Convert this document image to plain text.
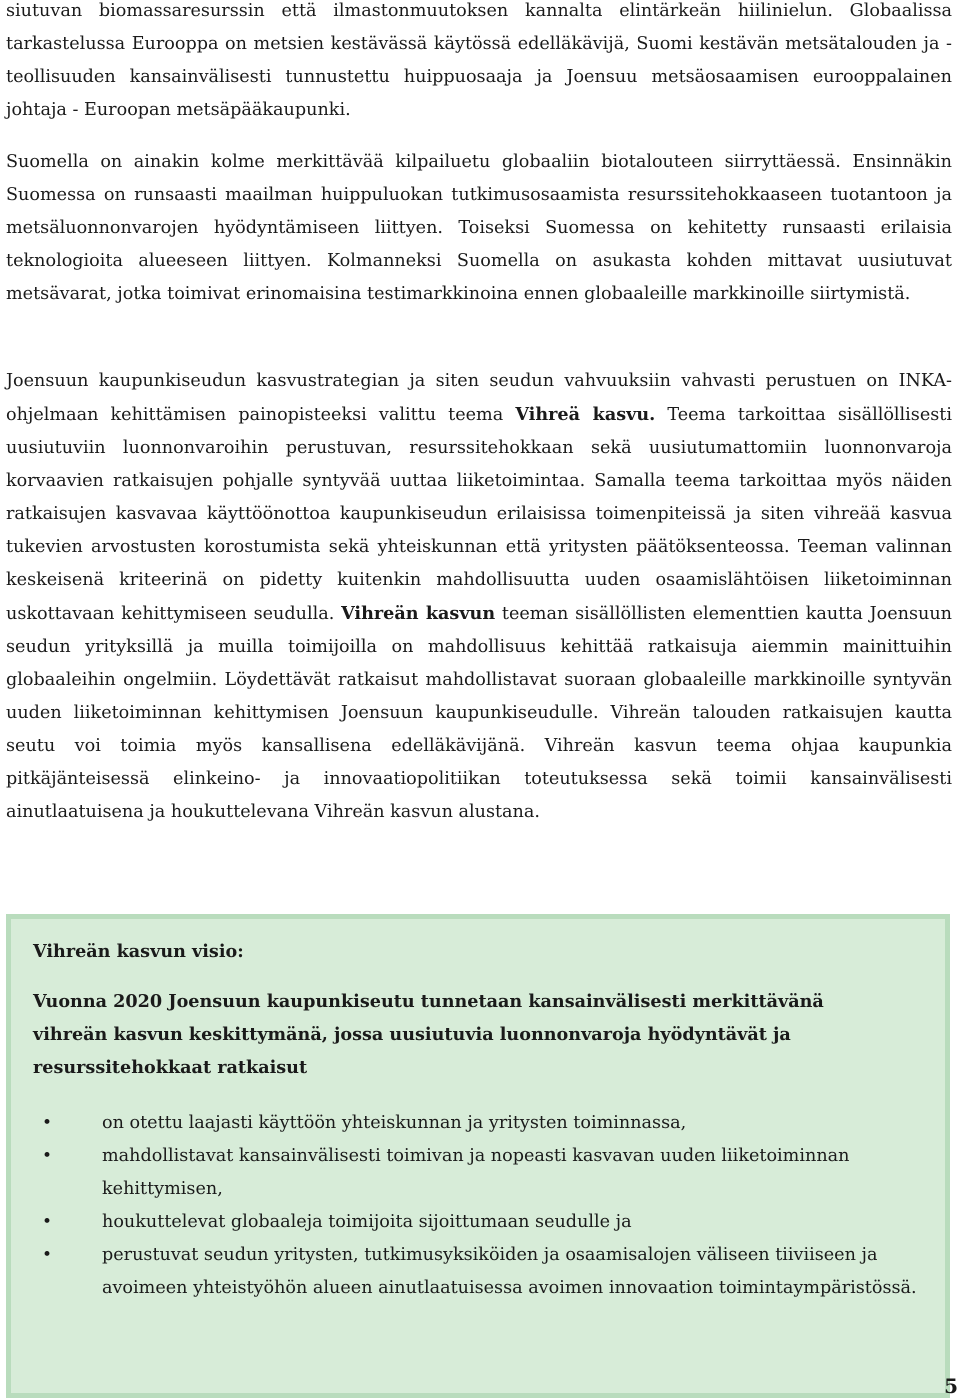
siutuvan biomassaresurssin että ilmastonmuutoksen kannalta elintärkeän hiilinielun. Globaalissa tarkastelussa Eurooppa on metsien kestävässä käytössä edelläkävijä, Suomi kestävän metsätalouden ja -teollisuuden kansainvälisesti tunnustettu huippuosaaja ja Joensuu metsäosaamisen eurooppalainen johtaja - Euroopan metsäpääkaupunki.

Suomella on ainakin kolme merkittävää kilpailuetu globaaliin biotalouteen siirryttäessä. Ensinnäkin Suomessa on runsaasti maailman huippuluokan tutkimusosaamista resurssitehokkaaseen tuotantoon ja metsäluonnonvarojen hyödyntämiseen liittyen. Toiseksi Suomessa on kehitetty runsaasti erilaisia teknologioita alueeseen liittyen. Kolmanneksi Suomella on asukasta kohden mittavat uusiutuvat metsävarat, jotka toimivat erinomaisina testimarkkinoina ennen globaaleille markkinoille siirtymistä.

Joensuun kaupunkiseudun kasvustrategian ja siten seudun vahvuuksiin vahvasti perustuen on INKA-ohjelmaan kehittämisen painopisteeksi valittu teema Vihreä kasvu. Teema tarkoittaa sisällöllisesti uusiutuviin luonnonvaroihin perustuvan, resurssitehokkaan sekä uusiutumattomiin luonnonvaroja korvaavien ratkaisujen pohjalle syntyvää uuttaa liiketoimintaa. Samalla teema tarkoittaa myös näiden ratkaisujen kasvavaa käyttöönottoa kaupunkiseudun erilaisissa toimenpiteissä ja siten vihreää kasvua tukevien arvostusten korostumista sekä yhteiskunnan että yritysten päätöksenteossa. Teeman valinnan keskeisenä kriteerinä on pidetty kuitenkin mahdollisuutta uuden osaamislähtöisen liiketoiminnan uskottavaan kehittymiseen seudulla. Vihreän kasvun teeman sisällöllisten elementtien kautta Joensuun seudun yrityksillä ja muilla toimijoilla on mahdollisuus kehittää ratkaisuja aiemmin mainittuihin globaaleihin ongelmiin. Löydettävät ratkaisut mahdollistavat suoraan globaaleille markkinoille syntyvän uuden liiketoiminnan kehittymisen Joensuun kaupunkiseudulle. Vihreän talouden ratkaisujen kautta seutu voi toimia myös kansallisena edelläkävijänä. Vihreän kasvun teema ohjaa kaupunkia pitkäjänteisessä elinkeino- ja innovaatiopolitiikan toteutuksessa sekä toimii kansainvälisesti ainutlaatuisena ja houkuttelevana Vihreän kasvun alustana.

Vihreän kasvun visio:

Vuonna 2020 Joensuun kaupunkiseutu tunnetaan kansainvälisesti merkittävänä vihreän kasvun keskittymänä, jossa uusiutuvia luonnonvaroja hyödyntävät ja resurssitehokkaat ratkaisut

•	on otettu laajasti käyttöön yhteiskunnan ja yritysten toiminnassa,
•	mahdollistavat kansainvälisesti toimivan ja nopeasti kasvavan uuden liiketoiminnan kehittymisen,
•	houkuttelevat globaaleja toimijoita sijoittumaan seudulle ja
•	perustuvat seudun yritysten, tutkimusyksiköiden ja osaamisalojen väliseen tiiviiseen ja avoimeen yhteistyöhön alueen ainutlaatuisessa avoimen innovaation toimintaympäristössä.
5
